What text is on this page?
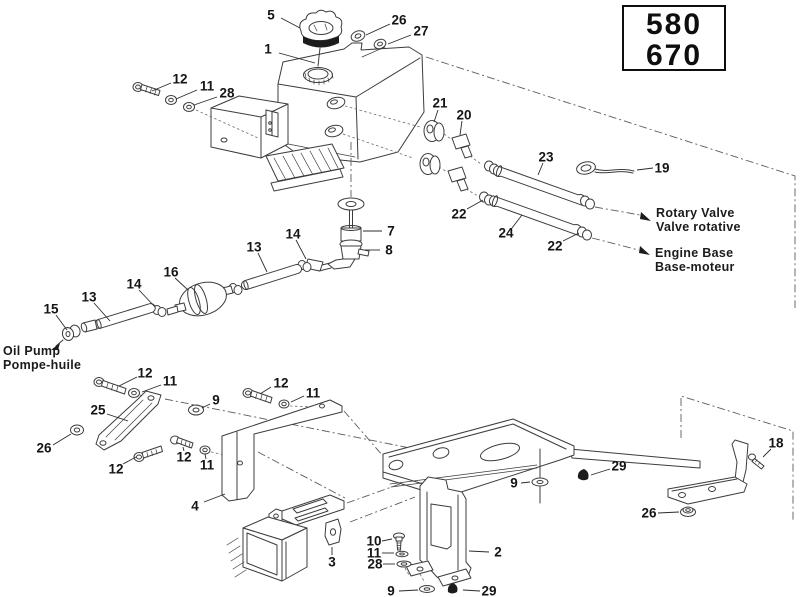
5	26
27
1
12 11 28
21
20
23
19
22
24
22
7
8
14
13
16
14
13
15
12
11
9
12
11
25
26
12
12
11
4
3
10
11
28
2
9	29
9
29
26
18
580
670
Rotary Valve
Valve rotative
Engine Base
Base-moteur
Oil Pump
Pompe-huile
